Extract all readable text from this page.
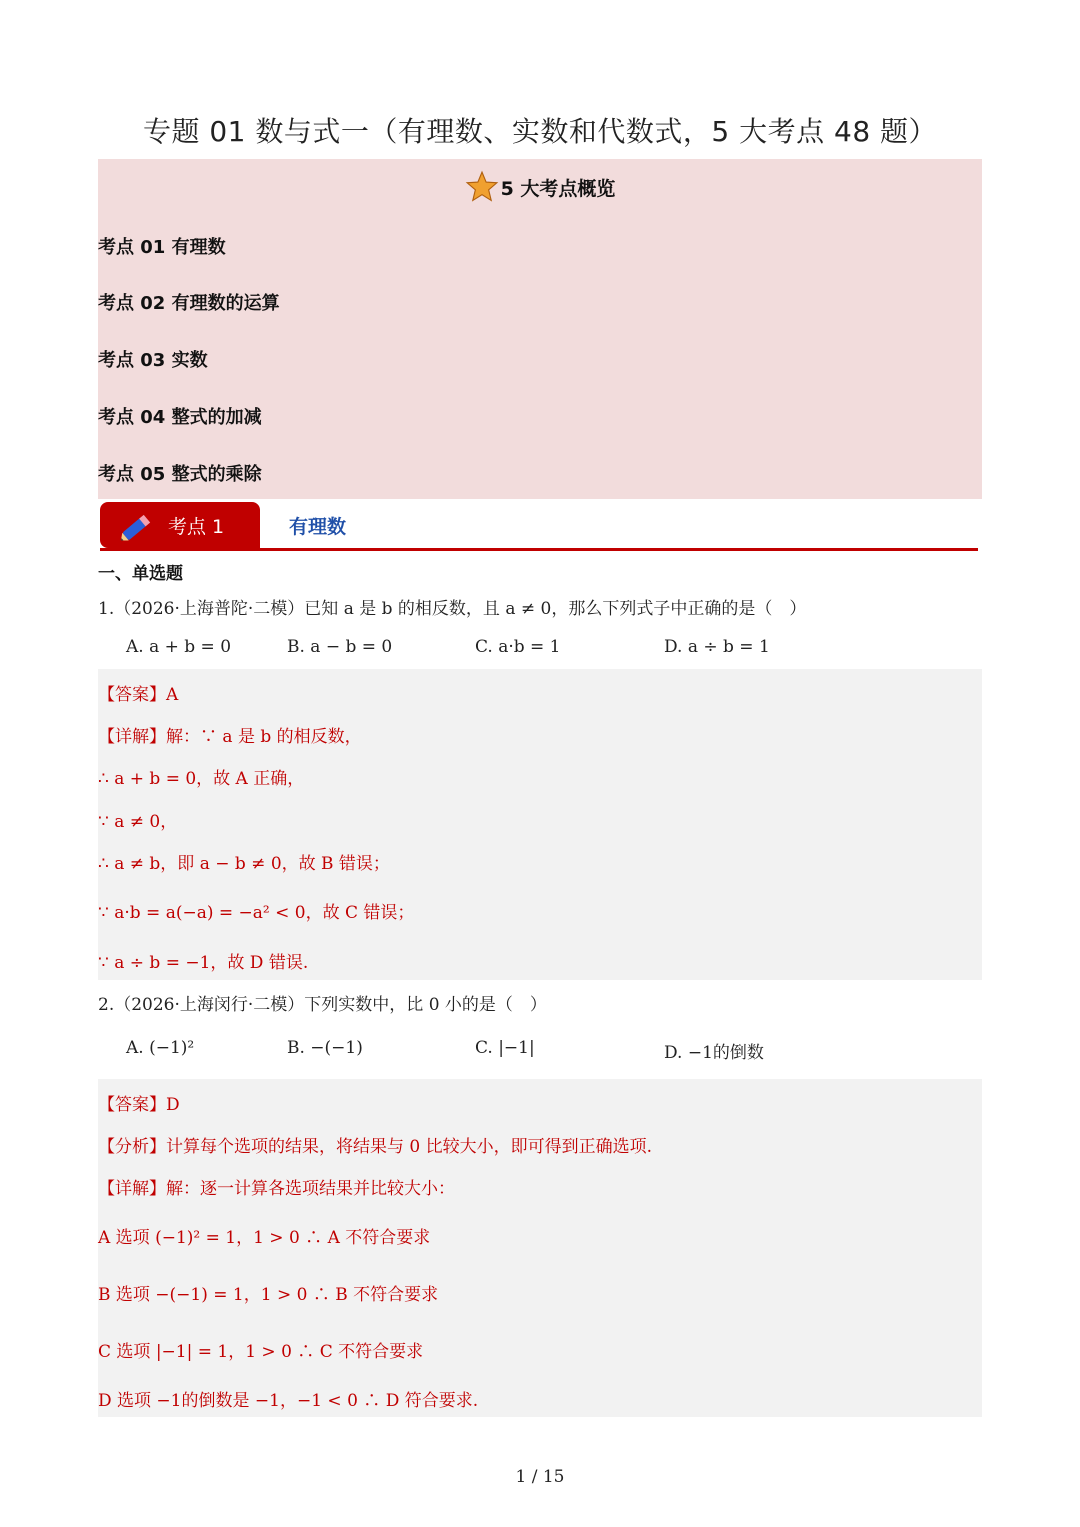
专题 01 数与式一（有理数、实数和代数式，5 大考点 48 题）
5 大考点概览
考点 01 有理数
考点 02 有理数的运算
考点 03 实数
考点 04 整式的加减
考点 05 整式的乘除
考点 1	有理数
一、单选题
1.（2026·上海普陀·二模）已知 a 是 b 的相反数，且 a ≠ 0，那么下列式子中正确的是（　）
A. a + b = 0	B. a − b = 0	C. a·b = 1	D. a ÷ b = 1
【答案】A
【详解】解：∵ a 是 b 的相反数，
∴ a + b = 0，故 A 正确，
∵ a ≠ 0，
∴ a ≠ b，即 a − b ≠ 0，故 B 错误；
∵ a·b = a(−a) = −a² < 0，故 C 错误；
∵ a ÷ b = −1，故 D 错误.
2.（2026·上海闵行·二模）下列实数中，比 0 小的是（　）
A. (−1)²	B. −(−1)	C. |−1|	D. −1的倒数
【答案】D
【分析】计算每个选项的结果，将结果与 0 比较大小，即可得到正确选项.
【详解】解：逐一计算各选项结果并比较大小：
A 选项 (−1)² = 1，1 > 0 ∴ A 不符合要求
B 选项 −(−1) = 1，1 > 0 ∴ B 不符合要求
C 选项 |−1| = 1，1 > 0 ∴ C 不符合要求
D 选项 −1的倒数是 −1，−1 < 0 ∴ D 符合要求.
1 / 15
